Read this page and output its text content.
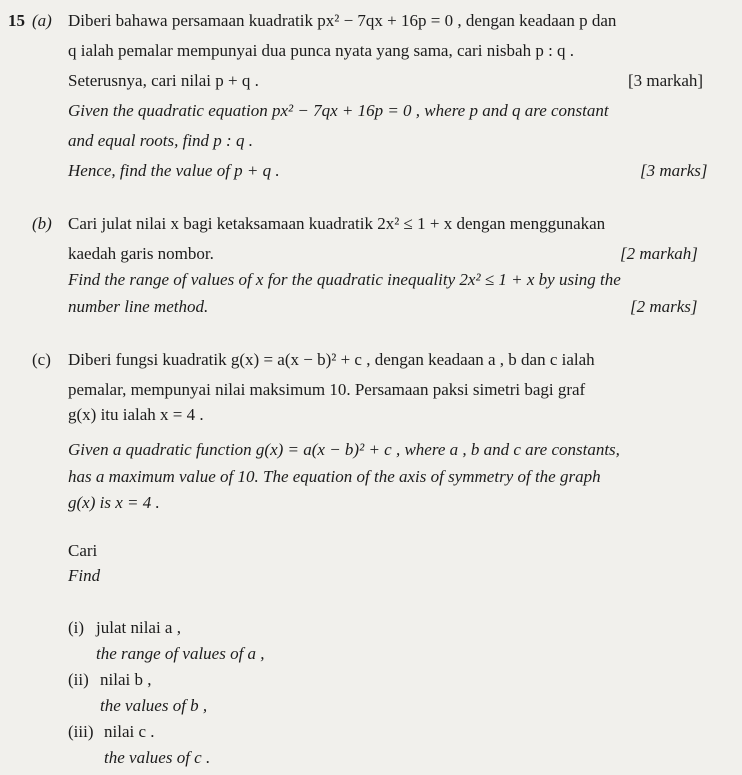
15 (a) Diberi bahawa persamaan kuadratik px² − 7qx + 16p = 0 , dengan keadaan p dan
q ialah pemalar mempunyai dua punca nyata yang sama, cari nisbah p : q .
Seterusnya, cari nilai p + q .	[3 markah]
Given the quadratic equation px² − 7qx + 16p = 0 , where p and q are constant
and equal roots, find p : q .
Hence, find the value of p + q .	[3 marks]
(b) Cari julat nilai x bagi ketaksamaan kuadratik 2x² ≤ 1 + x dengan menggunakan
kaedah garis nombor.	[2 markah]
Find the range of values of x for the quadratic inequality 2x² ≤ 1 + x by using the
number line method.	[2 marks]
(c) Diberi fungsi kuadratik g(x) = a(x − b)² + c , dengan keadaan a , b dan c ialah
pemalar, mempunyai nilai maksimum 10. Persamaan paksi simetri bagi graf
g(x) itu ialah x = 4 .
Given a quadratic function g(x) = a(x − b)² + c , where a , b and c are constants,
has a maximum value of 10. The equation of the axis of symmetry of the graph
g(x) is x = 4 .
Cari
Find
(i) julat nilai a ,
the range of values of a ,
(ii) nilai b ,
the values of b ,
(iii) nilai c .
the values of c .
